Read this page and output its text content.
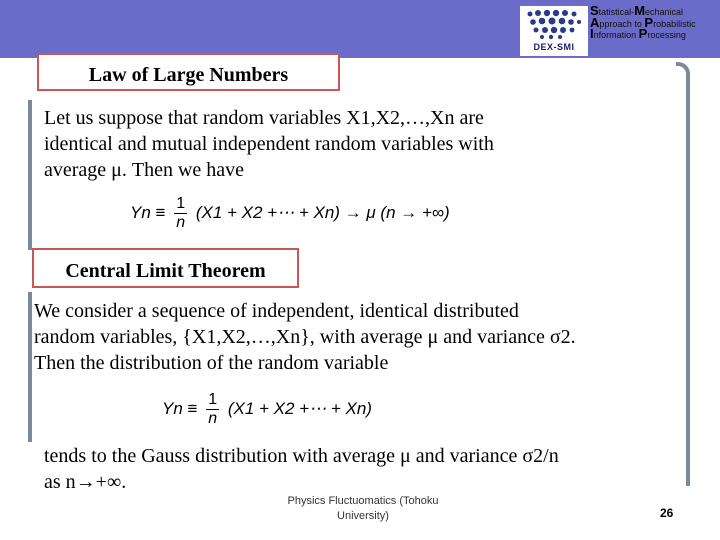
DEX-SMI
Statistical-Mechanical
Approach to Probabilistic
Information Processing
Law of Large Numbers
Let us suppose that random variables X1,X2,…,Xn are
identical and mutual independent random variables with
average μ. Then we have
$Yn \equiv \frac{1}{n} (X1 + X2$ +⋯ + Xn) → μ (n → +∞)
Central Limit Theorem
We consider a sequence of independent, identical distributed
random variables, {X1,X2,…,Xn}, with average μ and variance σ2.
Then the distribution of the random variable
$Yn \equiv \frac{1}{n} (X1 + X2$ +⋯ + Xn)
tends to the Gauss distribution with average μ and variance σ2/n
as n→+∞.
Physics Fluctuomatics (Tohoku
University)	26
